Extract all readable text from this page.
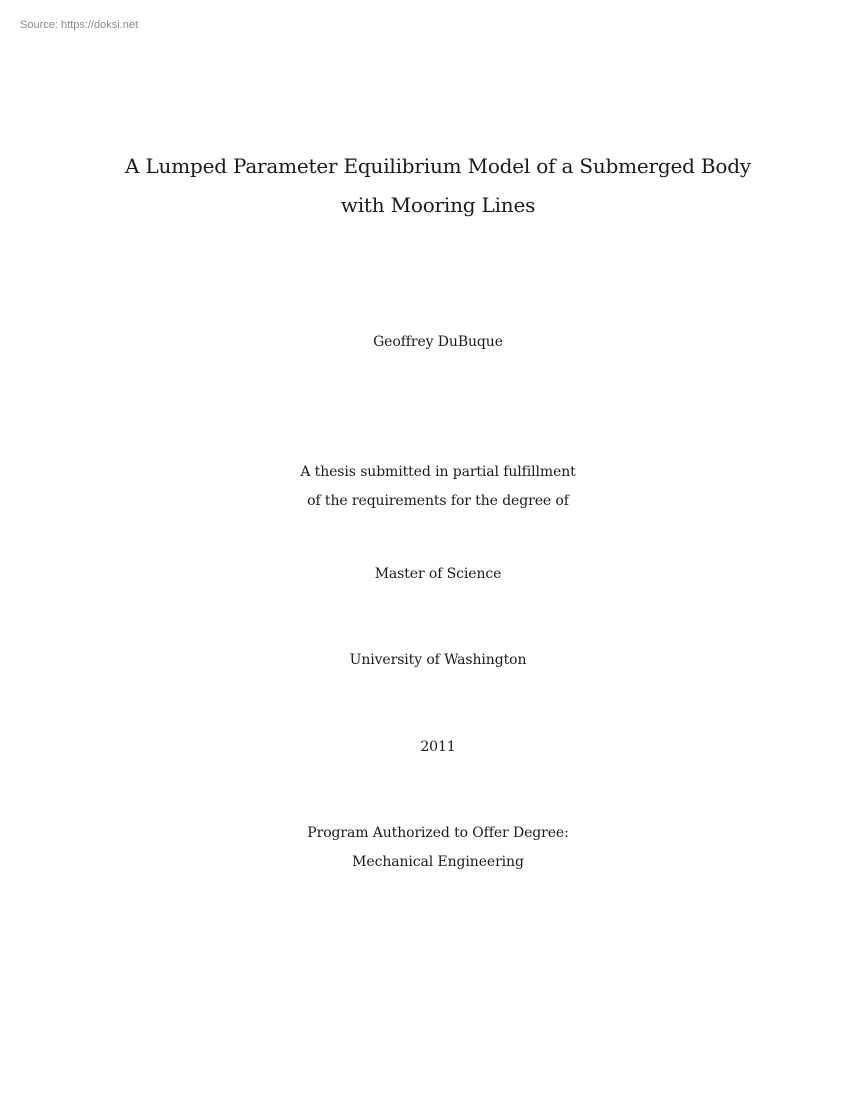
Source: https://doksi.net
A Lumped Parameter Equilibrium Model of a Submerged Body
with Mooring Lines
Geoffrey DuBuque
A thesis submitted in partial fulfillment
of the requirements for the degree of
Master of Science
University of Washington
2011
Program Authorized to Offer Degree:
Mechanical Engineering
